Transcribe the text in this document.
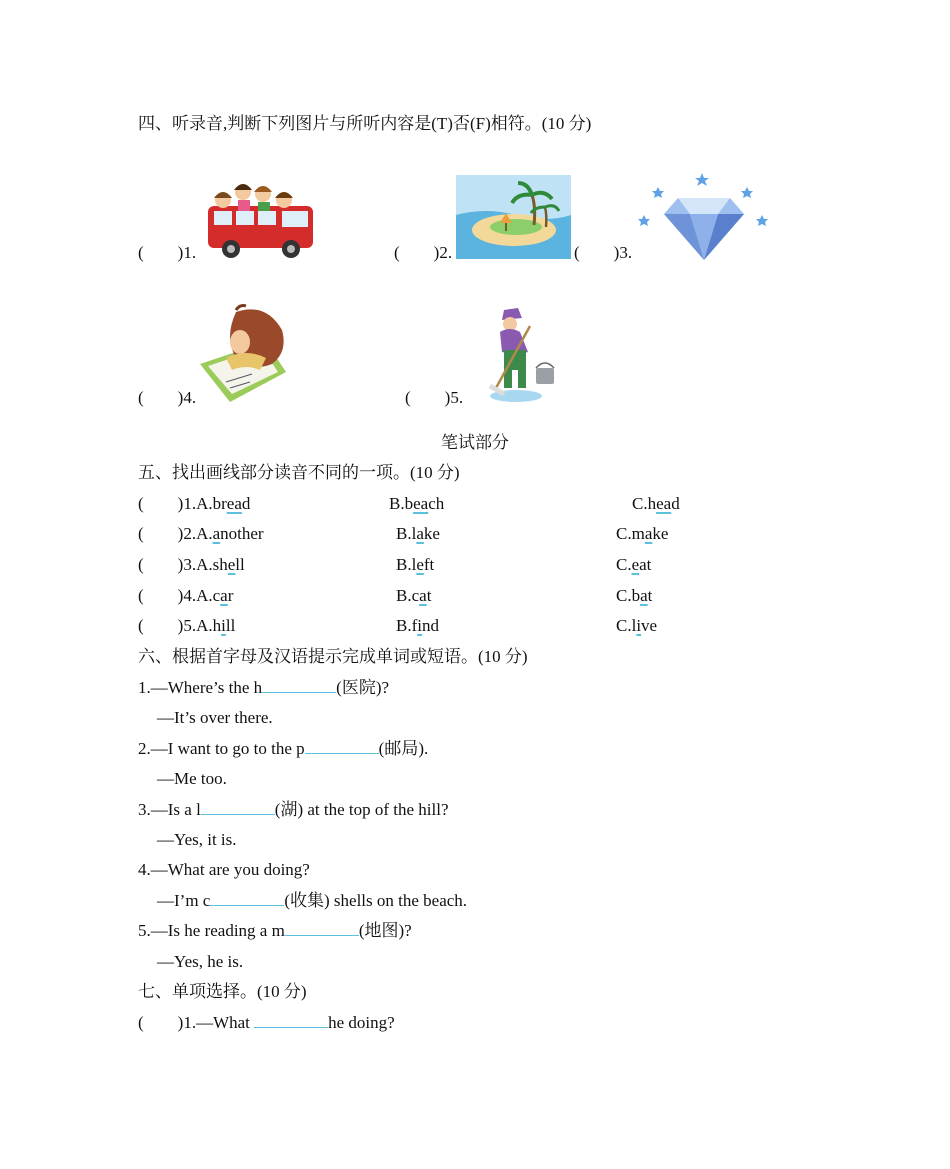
四、听录音,判断下列图片与所听内容是(T)否(F)相符。(10 分)
(　　)1.	(　　)2.	(　　)3.
(　　)4.	(　　)5.
笔试部分
五、找出画线部分读音不同的一项。(10 分)
(　　)1.A.bread	B.beach	C.head
(　　)2.A.another	B.lake	C.make
(　　)3.A.shell	B.left	C.eat
(　　)4.A.car	B.cat	C.bat
(　　)5.A.hill	B.find	C.live
六、根据首字母及汉语提示完成单词或短语。(10 分)
1.—Where’s the h	(医院)?
—It’s over there.
2.—I want to go to the p	(邮局).
—Me too.
3.—Is a l	(湖) at the top of the hill?
—Yes, it is.
4.—What are you doing?
—I’m c	(收集) shells on the beach.
5.—Is he reading a m	(地图)?
—Yes, he is.
七、单项选择。(10 分)
(　　)1.—What	he doing?
